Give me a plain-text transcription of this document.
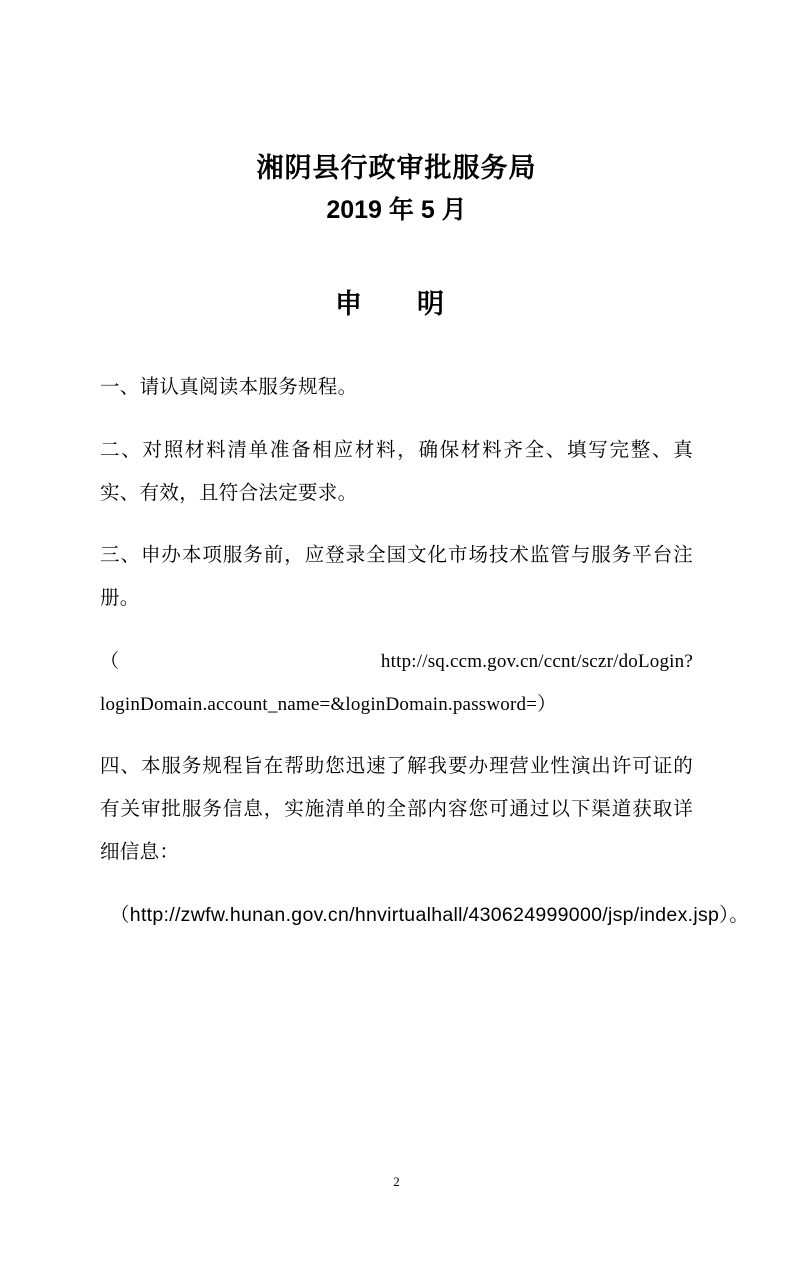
湘阴县行政审批服务局
2019 年 5 月
申　明

一、请认真阅读本服务规程。

二、对照材料清单准备相应材料，确保材料齐全、填写完整、真实、有效，且符合法定要求。

三、申办本项服务前，应登录全国文化市场技术监管与服务平台注册。

（http://sq.ccm.gov.cn/ccnt/sczr/doLogin?loginDomain.account_name=&loginDomain.password=）

四、本服务规程旨在帮助您迅速了解我要办理营业性演出许可证的有关审批服务信息，实施清单的全部内容您可通过以下渠道获取详细信息：

（http://zwfw.hunan.gov.cn/hnvirtualhall/430624999000/jsp/index.jsp）。

2
